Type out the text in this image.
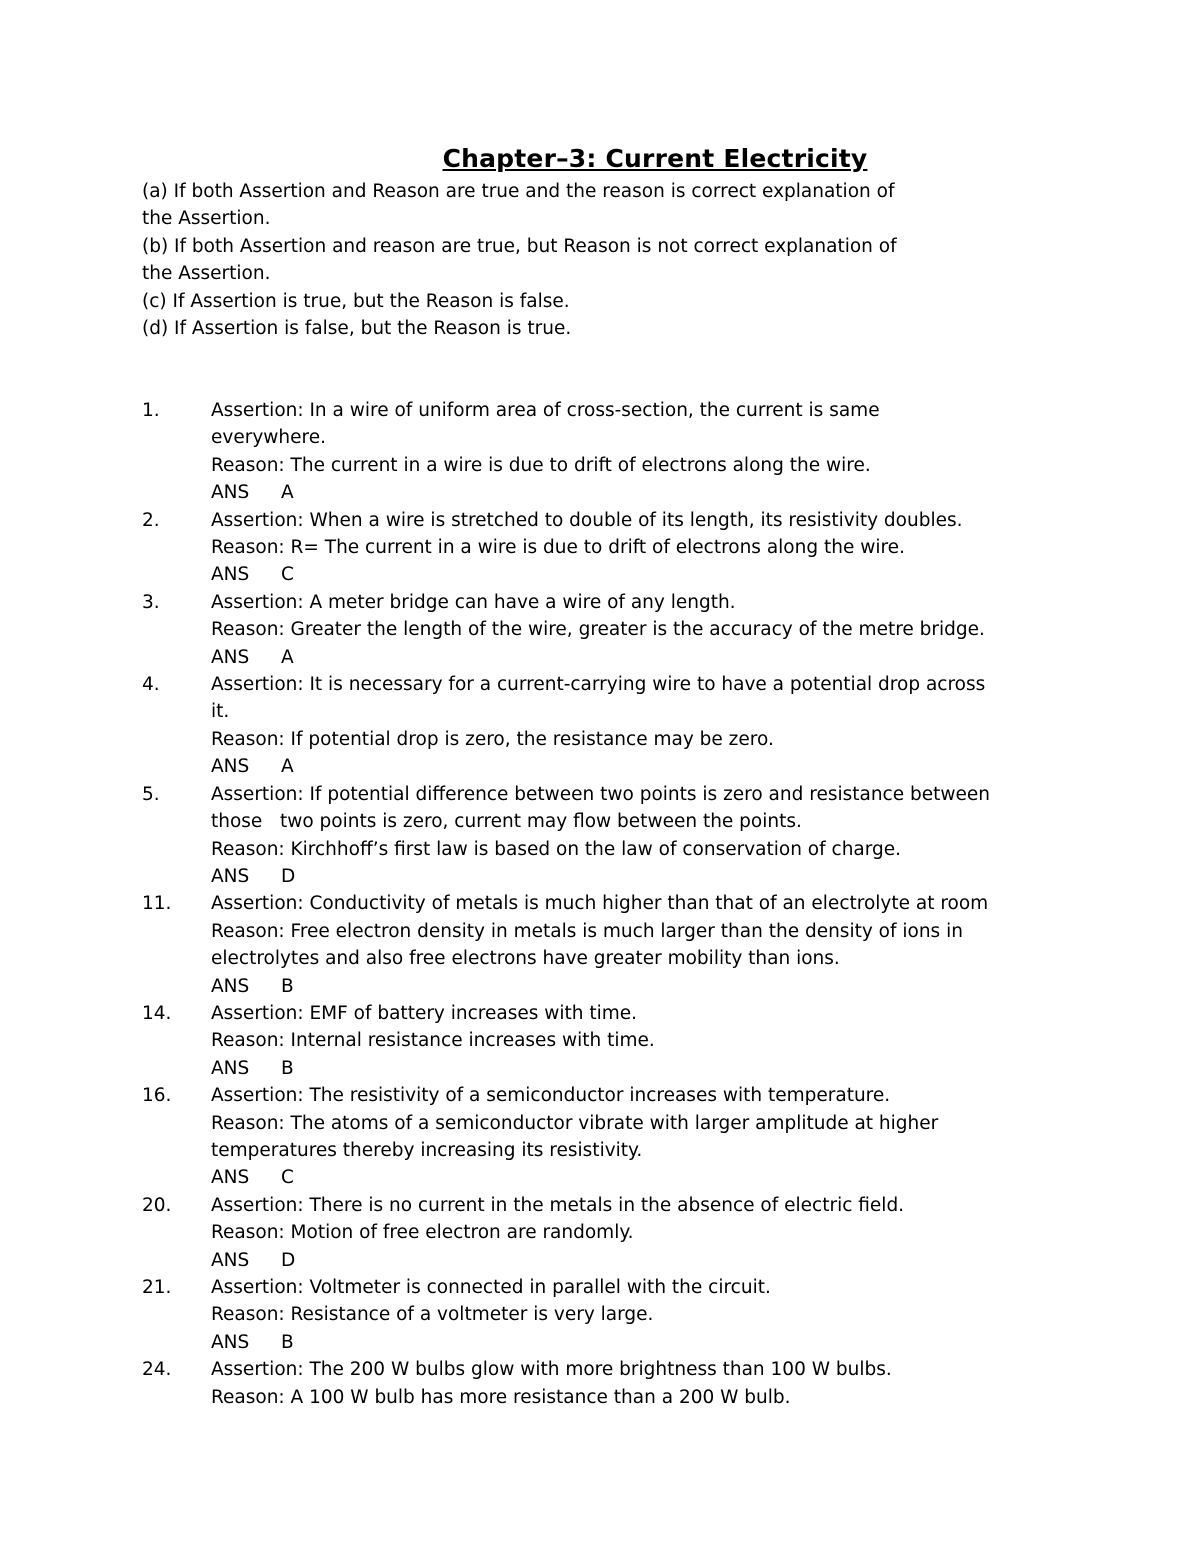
Chapter–3: Current Electricity
(a) If both Assertion and Reason are true and the reason is correct explanation of
the Assertion.
(b) If both Assertion and reason are true, but Reason is not correct explanation of
the Assertion.
(c) If Assertion is true, but the Reason is false.
(d) If Assertion is false, but the Reason is true.
1.	Assertion: In a wire of uniform area of cross-section, the current is same
everywhere.
Reason: The current in a wire is due to drift of electrons along the wire.
ANS A
2.	Assertion: When a wire is stretched to double of its length, its resistivity doubles.
Reason: R= The current in a wire is due to drift of electrons along the wire.
ANS C
3.	Assertion: A meter bridge can have a wire of any length.
Reason: Greater the length of the wire, greater is the accuracy of the metre bridge.
ANS A
4.	Assertion: It is necessary for a current-carrying wire to have a potential drop across
it.
Reason: If potential drop is zero, the resistance may be zero.
ANS A
5.	Assertion: If potential difference between two points is zero and resistance between
those   two points is zero, current may flow between the points.
Reason: Kirchhoff’s first law is based on the law of conservation of charge.
ANS D
11.	Assertion: Conductivity of metals is much higher than that of an electrolyte at room
Reason: Free electron density in metals is much larger than the density of ions in
electrolytes and also free electrons have greater mobility than ions.
ANS B
14.	Assertion: EMF of battery increases with time.
Reason: Internal resistance increases with time.
ANS B
16.	Assertion: The resistivity of a semiconductor increases with temperature.
Reason: The atoms of a semiconductor vibrate with larger amplitude at higher
temperatures thereby increasing its resistivity.
ANS C
20.	Assertion: There is no current in the metals in the absence of electric field.
Reason: Motion of free electron are randomly.
ANS D
21.	Assertion: Voltmeter is connected in parallel with the circuit.
Reason: Resistance of a voltmeter is very large.
ANS B
24.	Assertion: The 200 W bulbs glow with more brightness than 100 W bulbs.
Reason: A 100 W bulb has more resistance than a 200 W bulb.
